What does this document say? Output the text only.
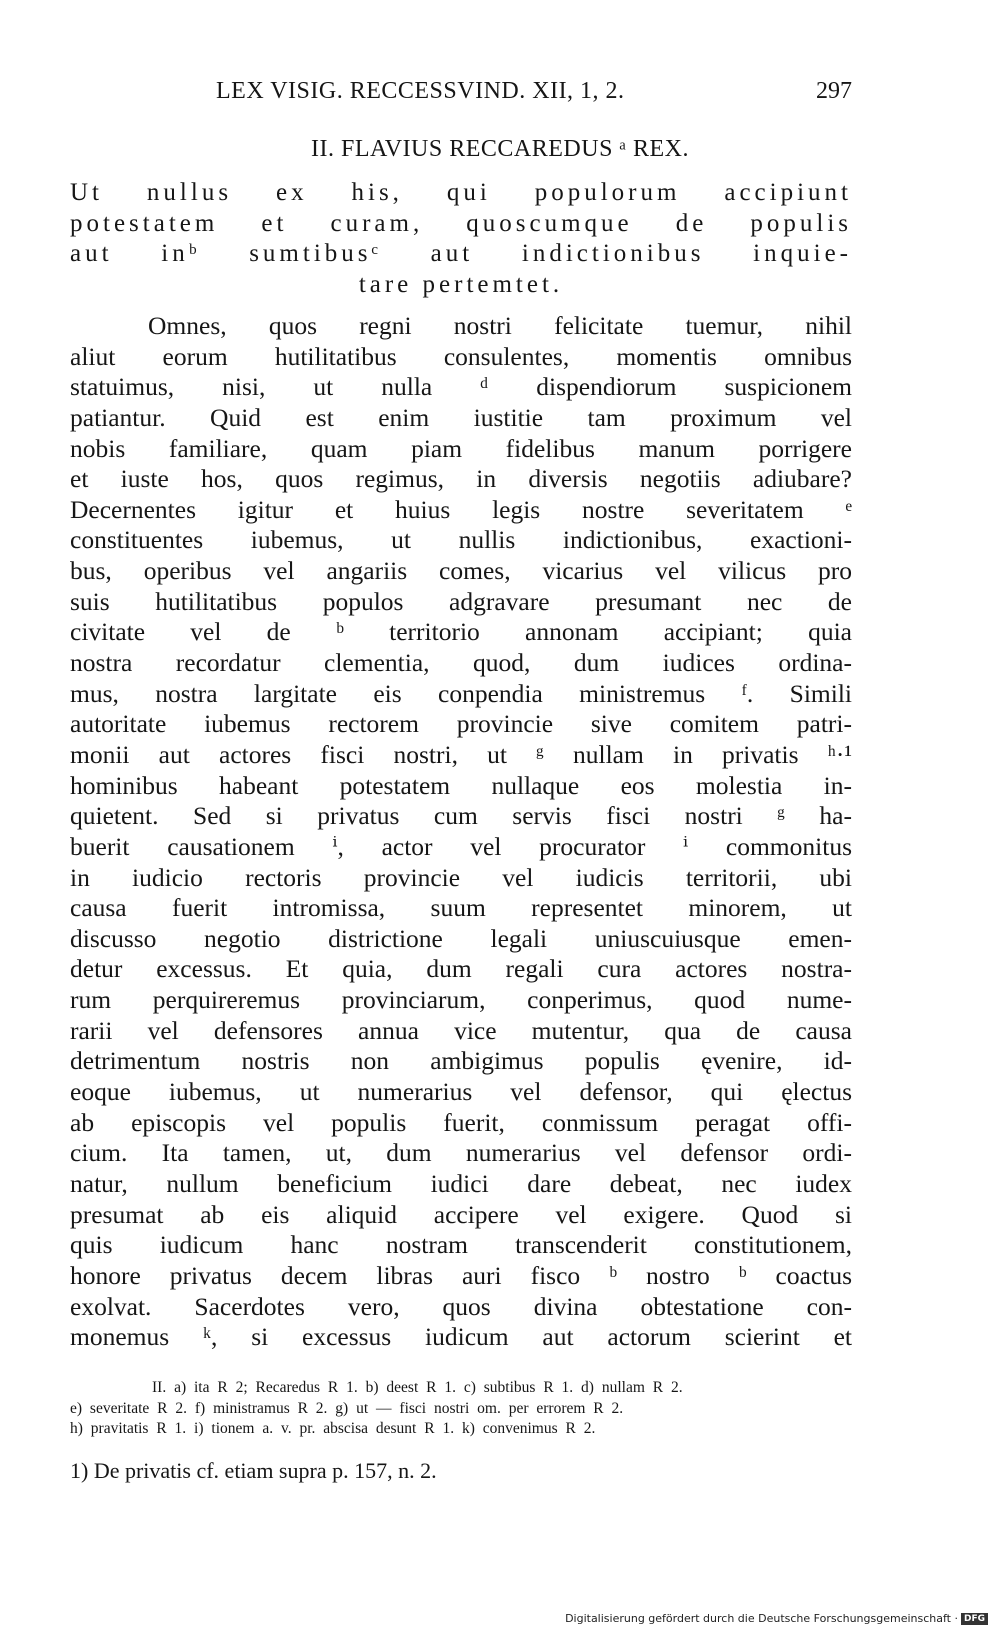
LEX VISIG. RECCESSVIND. XII, 1, 2.	297
II. FLAVIUS RECCAREDUS ᵃ REX.
Ut nullus ex his, qui populorum accipiunt
potestatem et curam, quoscumque de populis
aut inᵇ sumtibusᶜ aut indictionibus inquie-
tare pertemtet.
Omnes, quos regni nostri felicitate tuemur, nihil
aliut eorum hutilitatibus consulentes, momentis omnibus
statuimus, nisi, ut nulla ᵈ dispendiorum suspicionem
patiantur. Quid est enim iustitie tam proximum vel
nobis familiare, quam piam fidelibus manum porrigere
et iuste hos, quos regimus, in diversis negotiis adiubare?
Decernentes igitur et huius legis nostre severitatem ᵉ
constituentes iubemus, ut nullis indictionibus, exactioni-
bus, operibus vel angariis comes, vicarius vel vilicus pro
suis hutilitatibus populos adgravare presumant nec de
civitate vel de ᵇ territorio annonam accipiant; quia
nostra recordatur clementia, quod, dum iudices ordina-
mus, nostra largitate eis conpendia ministremus ᶠ. Simili
autoritate iubemus rectorem provincie sive comitem patri-
monii aut actores fisci nostri, ut ᵍ nullam in privatis ʰ·¹
hominibus habeant potestatem nullaque eos molestia in-
quietent. Sed si privatus cum servis fisci nostri ᵍ ha-
buerit causationem ⁱ, actor vel procurator ⁱ commonitus
in iudicio rectoris provincie vel iudicis territorii, ubi
causa fuerit intromissa, suum representet minorem, ut
discusso negotio districtione legali uniuscuiusque emen-
detur excessus. Et quia, dum regali cura actores nostra-
rum perquireremus provinciarum, conperimus, quod nume-
rarii vel defensores annua vice mutentur, qua de causa
detrimentum nostris non ambigimus populis ęvenire, id-
eoque iubemus, ut numerarius vel defensor, qui ęlectus
ab episcopis vel populis fuerit, conmissum peragat offi-
cium. Ita tamen, ut, dum numerarius vel defensor ordi-
natur, nullum beneficium iudici dare debeat, nec iudex
presumat ab eis aliquid accipere vel exigere. Quod si
quis iudicum hanc nostram transcenderit constitutionem,
honore privatus decem libras auri fisco ᵇ nostro ᵇ coactus
exolvat. Sacerdotes vero, quos divina obtestatione con-
monemus ᵏ, si excessus iudicum aut actorum scierint et
II. a) ita R 2; Recaredus R 1. b) deest R 1. c) subtibus R 1. d) nullam R 2.
e) severitate R 2. f) ministramus R 2. g) ut — fisci nostri om. per errorem R 2.
h) pravitatis R 1. i) tionem a. v. pr. abscisa desunt R 1. k) convenimus R 2.
1) De privatis cf. etiam supra p. 157, n. 2.
Digitalisierung gefördert durch die Deutsche Forschungsgemeinschaft · DFG
